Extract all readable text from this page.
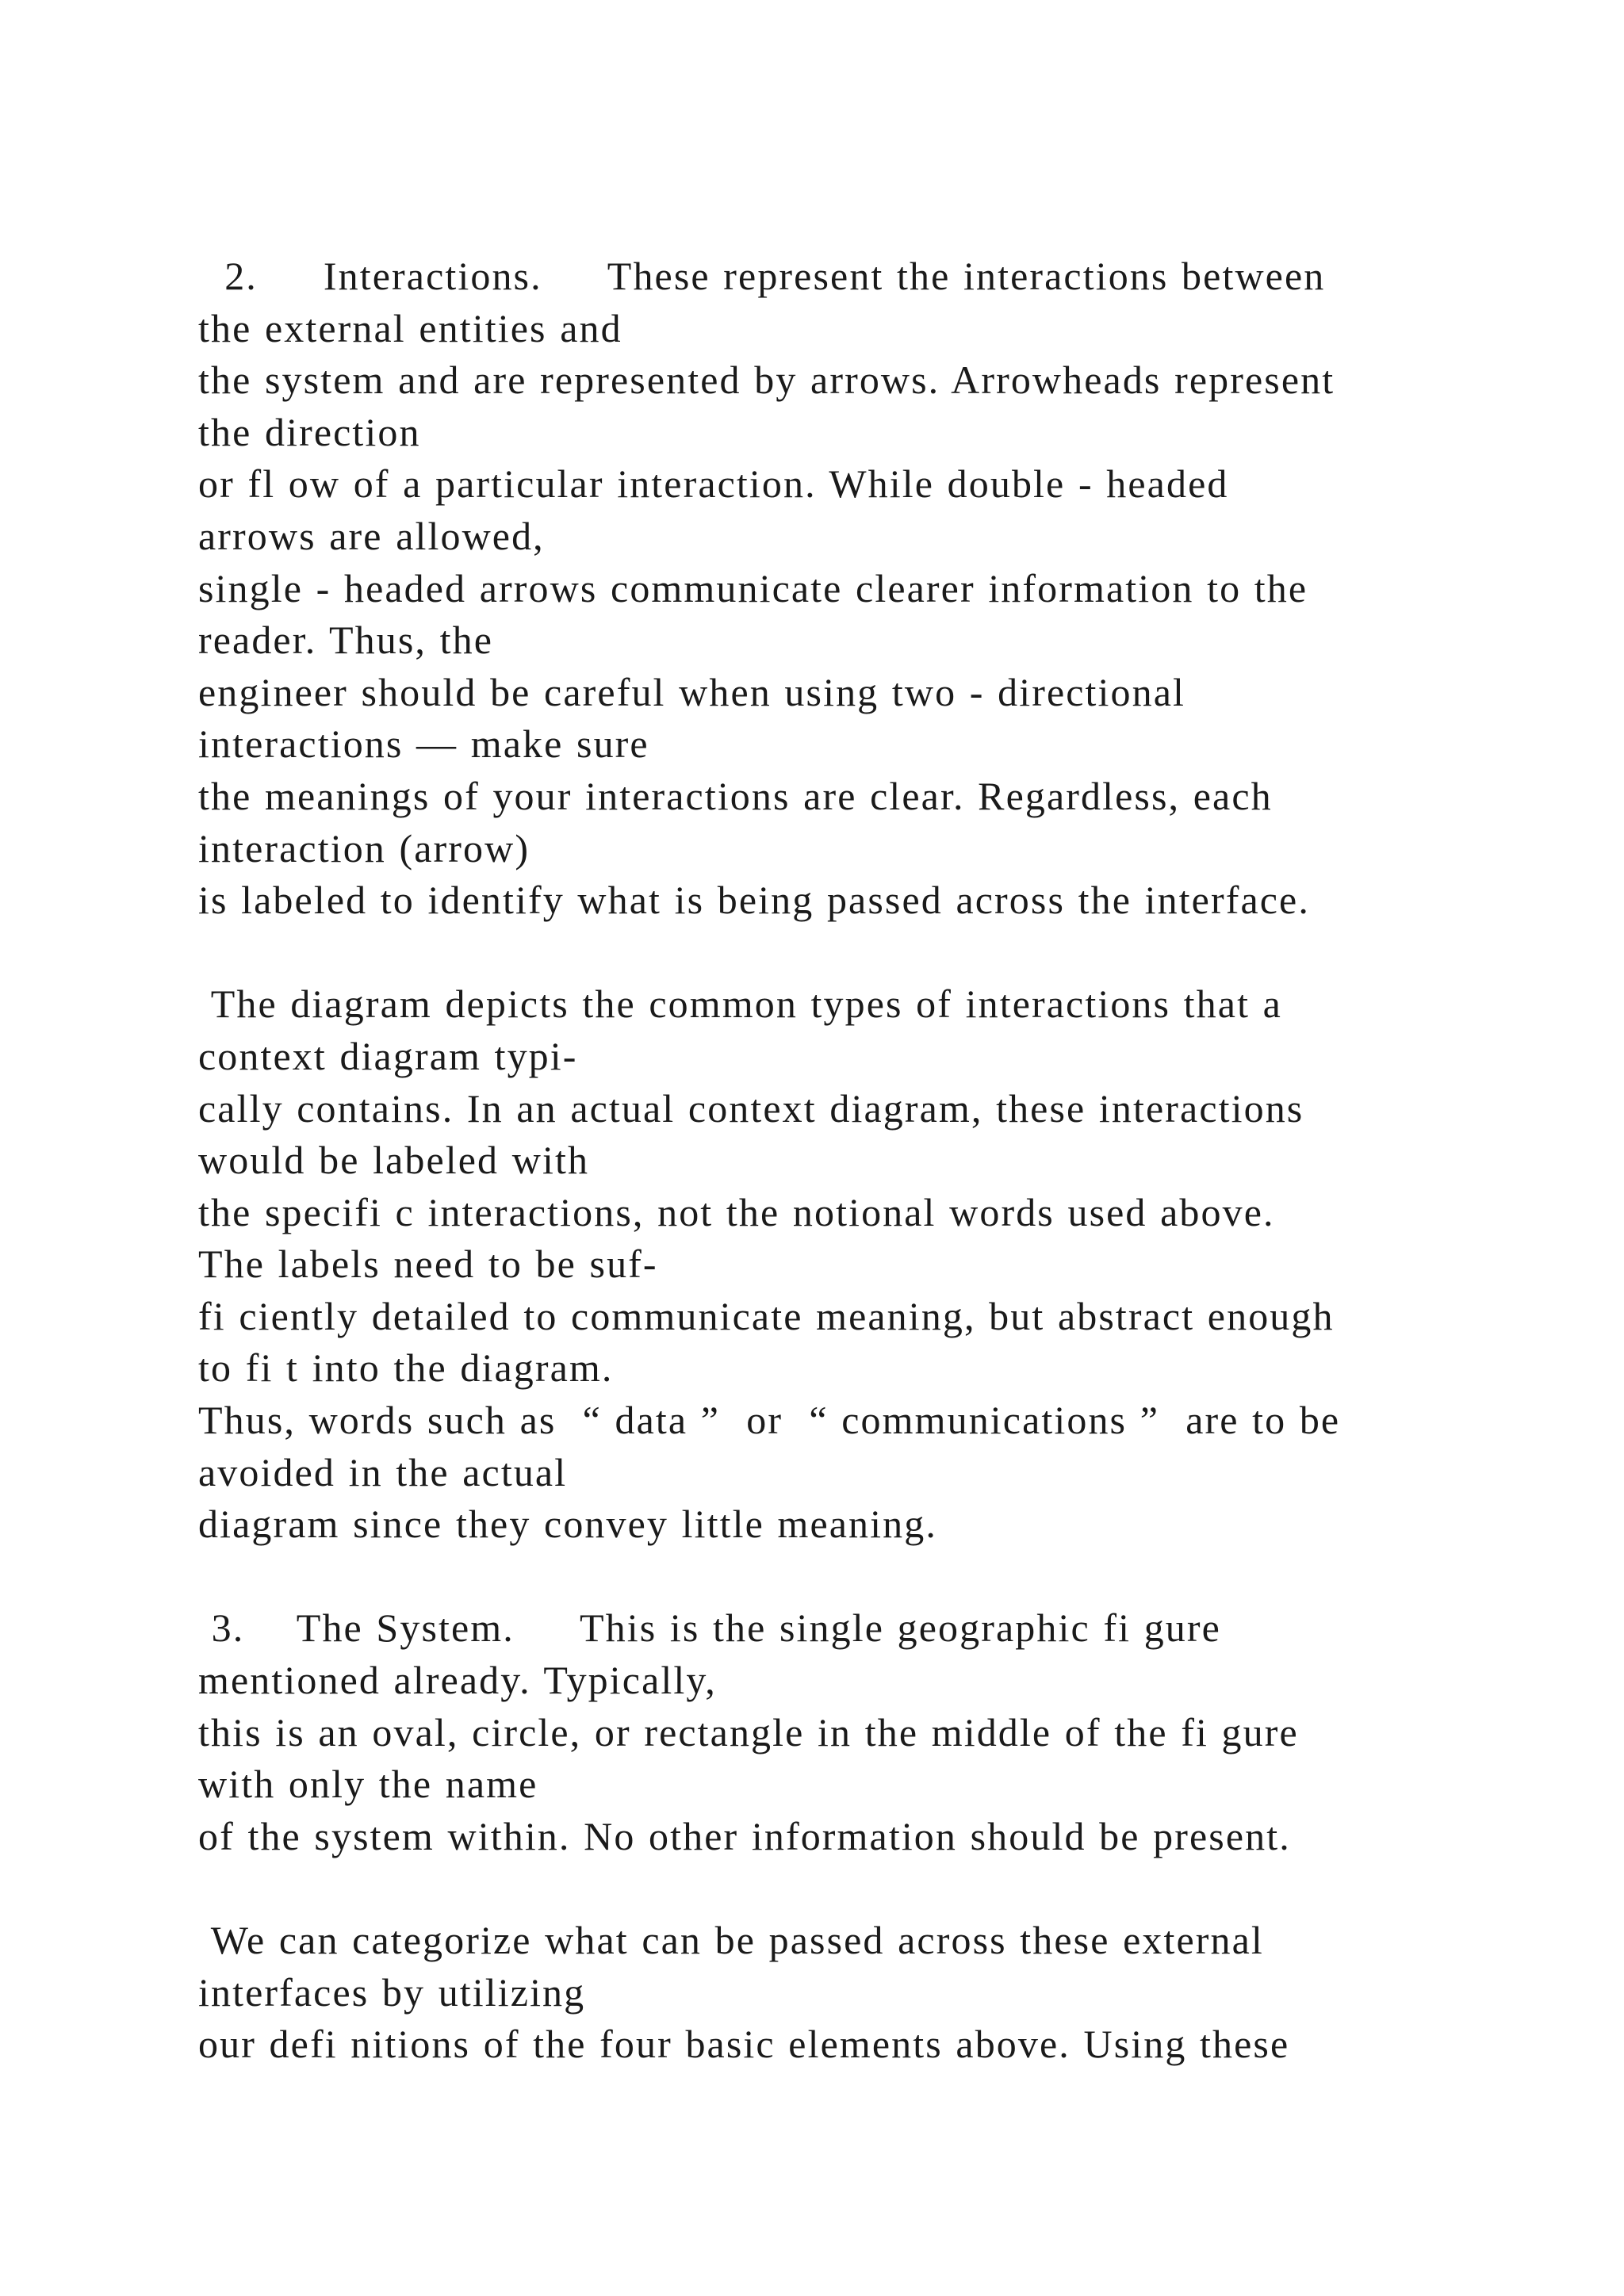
2.     Interactions.     These represent the interactions between
the external entities and
the system and are represented by arrows. Arrowheads represent
the direction
or fl ow of a particular interaction. While double - headed
arrows are allowed,
single - headed arrows communicate clearer information to the
reader. Thus, the
engineer should be careful when using two - directional
interactions — make sure
the meanings of your interactions are clear. Regardless, each
interaction (arrow)
is labeled to identify what is being passed across the interface.
The diagram depicts the common types of interactions that a
context diagram typi-
cally contains. In an actual context diagram, these interactions
would be labeled with
the specifi c interactions, not the notional words used above.
The labels need to be suf-
fi ciently detailed to communicate meaning, but abstract enough
to fi t into the diagram.
Thus, words such as  “ data ”  or  “ communications ”  are to be
avoided in the actual
diagram since they convey little meaning.
3.    The System.     This is the single geographic fi gure
mentioned already. Typically,
this is an oval, circle, or rectangle in the middle of the fi gure
with only the name
of the system within. No other information should be present.
We can categorize what can be passed across these external
interfaces by utilizing
our defi nitions of the four basic elements above. Using these
